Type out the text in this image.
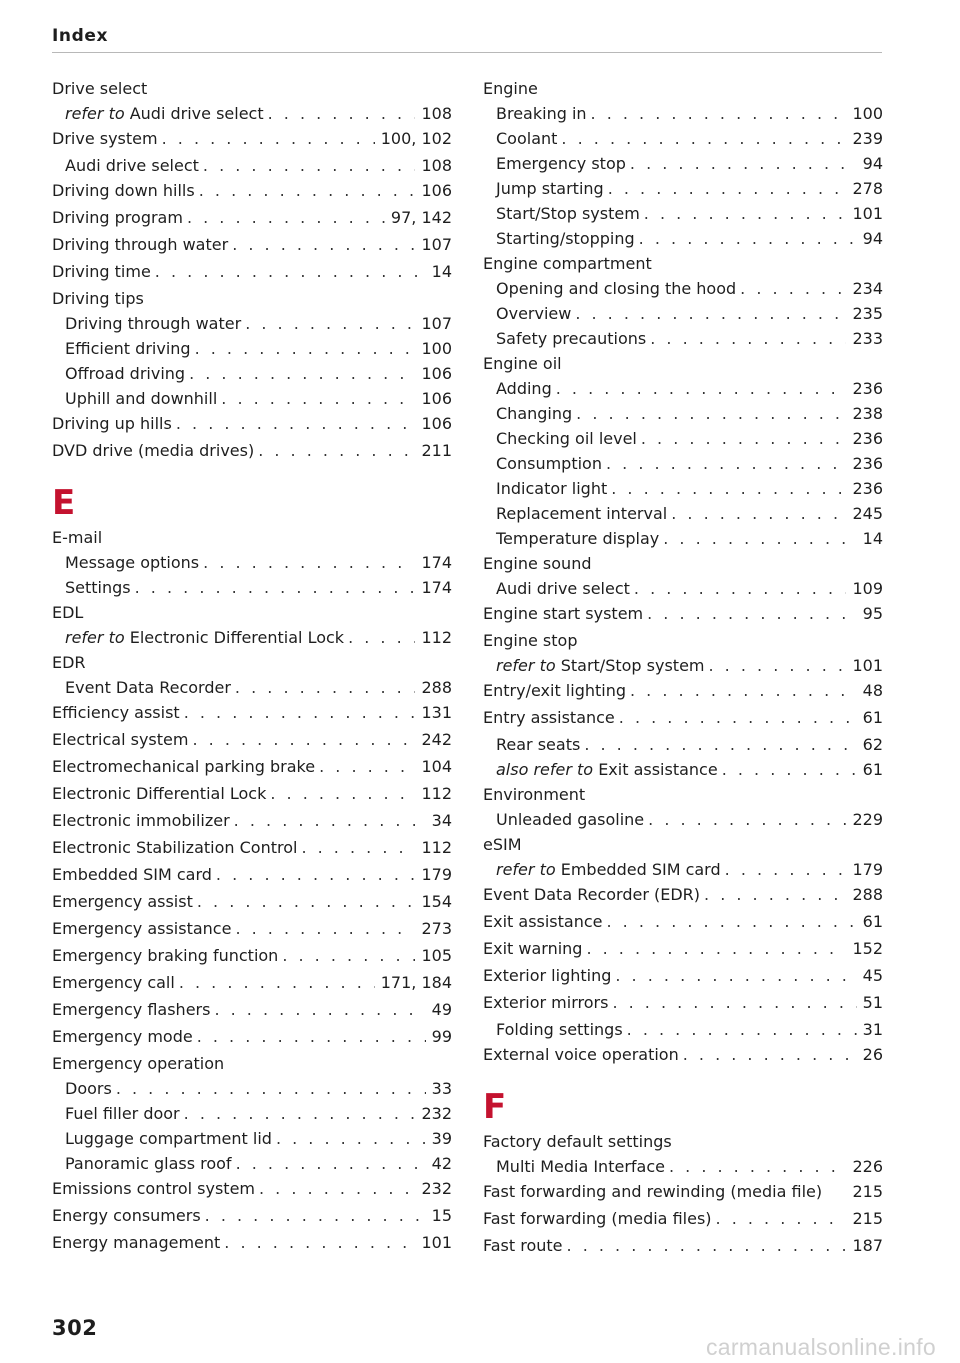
Index
Drive select
refer to Audi drive select . . .	108
Drive system . . .	100, 102
Audi drive select . . .	108
Driving down hills . . .	106
Driving program . . .	97, 142
Driving through water . . .	107
Driving time . . .	14
Driving tips
Driving through water . . .	107
Efficient driving . . .	100
Offroad driving . . .	106
Uphill and downhill . . .	106
Driving up hills . . .	106
DVD drive (media drives) . . .	211
E
E-mail
Message options . . .	174
Settings . . .	174
EDL
refer to Electronic Differential Lock . . .	112
EDR
Event Data Recorder . . .	288
Efficiency assist . . .	131
Electrical system . . .	242
Electromechanical parking brake . . .	104
Electronic Differential Lock . . .	112
Electronic immobilizer . . .	34
Electronic Stabilization Control . . .	112
Embedded SIM card . . .	179
Emergency assist . . .	154
Emergency assistance . . .	273
Emergency braking function . . .	105
Emergency call . . .	171, 184
Emergency flashers . . .	49
Emergency mode . . .	99
Emergency operation
Doors . . .	33
Fuel filler door . . .	232
Luggage compartment lid . . .	39
Panoramic glass roof . . .	42
Emissions control system . . .	232
Energy consumers . . .	15
Energy management . . .	101
Engine
Breaking in . . .	100
Coolant . . .	239
Emergency stop . . .	94
Jump starting . . .	278
Start/Stop system . . .	101
Starting/stopping . . .	94
Engine compartment
Opening and closing the hood . . .	234
Overview . . .	235
Safety precautions . . .	233
Engine oil
Adding . . .	236
Changing . . .	238
Checking oil level . . .	236
Consumption . . .	236
Indicator light . . .	236
Replacement interval . . .	245
Temperature display . . .	14
Engine sound
Audi drive select . . .	109
Engine start system . . .	95
Engine stop
refer to Start/Stop system . . .	101
Entry/exit lighting . . .	48
Entry assistance . . .	61
Rear seats . . .	62
also refer to Exit assistance . . .	61
Environment
Unleaded gasoline . . .	229
eSIM
refer to Embedded SIM card . . .	179
Event Data Recorder (EDR) . . .	288
Exit assistance . . .	61
Exit warning . . .	152
Exterior lighting . . .	45
Exterior mirrors . . .	51
Folding settings . . .	31
External voice operation . . .	26
F
Factory default settings
Multi Media Interface . . .	226
Fast forwarding and rewinding (media file) 215
Fast forwarding (media files) . . .	215
Fast route . . .	187
302
carmanualsonline.info
